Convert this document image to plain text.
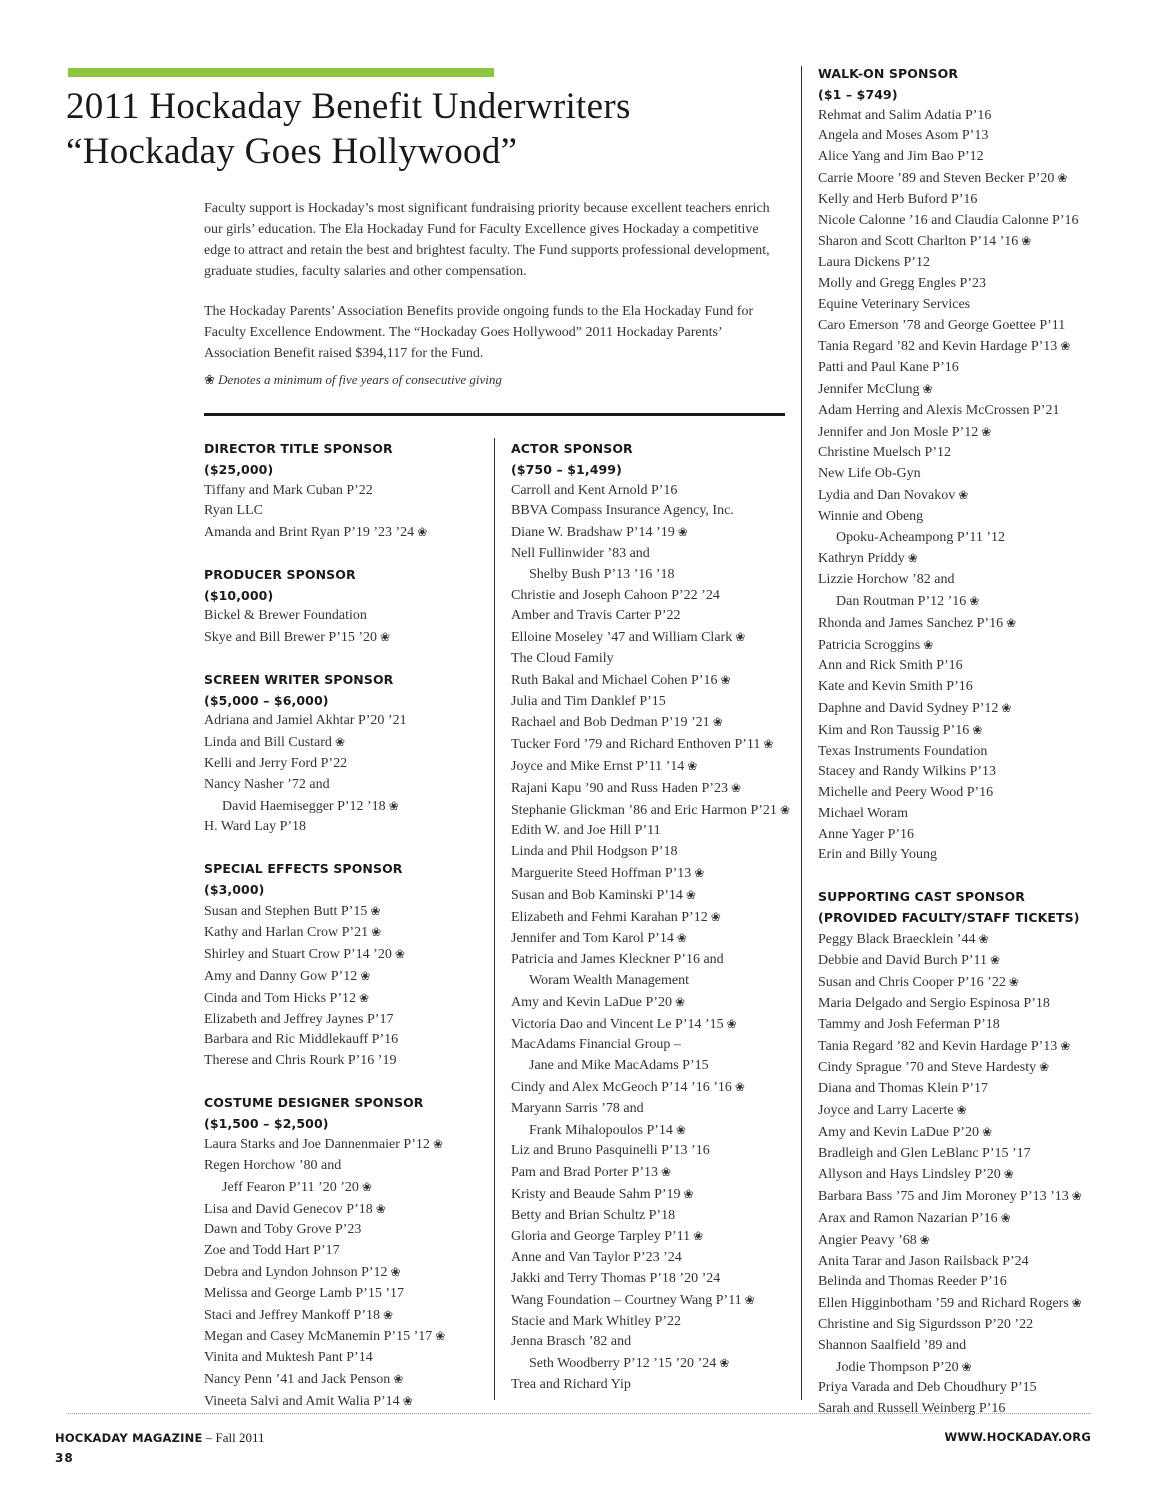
2011 Hockaday Benefit Underwriters
“Hockaday Goes Hollywood”

Faculty support is Hockaday’s most significant fundraising priority because excellent teachers enrich our girls’ education. The Ela Hockaday Fund for Faculty Excellence gives Hockaday a competitive edge to attract and retain the best and brightest faculty. The Fund supports professional development, graduate studies, faculty salaries and other compensation.

The Hockaday Parents’ Association Benefits provide ongoing funds to the Ela Hockaday Fund for Faculty Excellence Endowment. The “Hockaday Goes Hollywood” 2011 Hockaday Parents’ Association Benefit raised $394,117 for the Fund.

❀ Denotes a minimum of five years of consecutive giving
DIRECTOR TITLE SPONSOR
($25,000)
Tiffany and Mark Cuban P’22
Ryan LLC
Amanda and Brint Ryan P’19 ’23 ’24 ❀
PRODUCER SPONSOR
($10,000)
Bickel & Brewer Foundation
Skye and Bill Brewer P’15 ’20 ❀
SCREEN WRITER SPONSOR
($5,000 – $6,000)
Adriana and Jamiel Akhtar P’20 ’21
Linda and Bill Custard ❀
Kelli and Jerry Ford P’22
Nancy Nasher ’72 and
David Haemisegger P’12 ’18 ❀
H. Ward Lay P’18
SPECIAL EFFECTS SPONSOR
($3,000)
Susan and Stephen Butt P’15 ❀
Kathy and Harlan Crow P’21 ❀
Shirley and Stuart Crow P’14 ’20 ❀
Amy and Danny Gow P’12 ❀
Cinda and Tom Hicks P’12 ❀
Elizabeth and Jeffrey Jaynes P’17
Barbara and Ric Middlekauff P’16
Therese and Chris Rourk P’16 ’19
COSTUME DESIGNER SPONSOR
($1,500 – $2,500)
Laura Starks and Joe Dannenmaier P’12 ❀
Regen Horchow ’80 and
Jeff Fearon P’11 ’20 ’20 ❀
Lisa and David Genecov P’18 ❀
Dawn and Toby Grove P’23
Zoe and Todd Hart P’17
Debra and Lyndon Johnson P’12 ❀
Melissa and George Lamb P’15 ’17
Staci and Jeffrey Mankoff P’18 ❀
Megan and Casey McManemin P’15 ’17 ❀
Vinita and Muktesh Pant P’14
Nancy Penn ’41 and Jack Penson ❀
Vineeta Salvi and Amit Walia P’14 ❀
ACTOR SPONSOR
($750 – $1,499)
Carroll and Kent Arnold P’16
BBVA Compass Insurance Agency, Inc.
Diane W. Bradshaw P’14 ’19 ❀
Nell Fullinwider ’83 and
Shelby Bush P’13 ’16 ’18
Christie and Joseph Cahoon P’22 ’24
Amber and Travis Carter P’22
Elloine Moseley ’47 and William Clark ❀
The Cloud Family
Ruth Bakal and Michael Cohen P’16 ❀
Julia and Tim Danklef P’15
Rachael and Bob Dedman P’19 ’21 ❀
Tucker Ford ’79 and Richard Enthoven P’11 ❀
Joyce and Mike Ernst P’11 ’14 ❀
Rajani Kapu ’90 and Russ Haden P’23 ❀
Stephanie Glickman ’86 and Eric Harmon P’21 ❀
Edith W. and Joe Hill P’11
Linda and Phil Hodgson P’18
Marguerite Steed Hoffman P’13 ❀
Susan and Bob Kaminski P’14 ❀
Elizabeth and Fehmi Karahan P’12 ❀
Jennifer and Tom Karol P’14 ❀
Patricia and James Kleckner P’16 and
Woram Wealth Management
Amy and Kevin LaDue P’20 ❀
Victoria Dao and Vincent Le P’14 ’15 ❀
MacAdams Financial Group –
Jane and Mike MacAdams P’15
Cindy and Alex McGeoch P’14 ’16 ’16 ❀
Maryann Sarris ’78 and
Frank Mihalopoulos P’14 ❀
Liz and Bruno Pasquinelli P’13 ’16
Pam and Brad Porter P’13 ❀
Kristy and Beaude Sahm P’19 ❀
Betty and Brian Schultz P’18
Gloria and George Tarpley P’11 ❀
Anne and Van Taylor P’23 ’24
Jakki and Terry Thomas P’18 ’20 ’24
Wang Foundation – Courtney Wang P’11 ❀
Stacie and Mark Whitley P’22
Jenna Brasch ’82 and
Seth Woodberry P’12 ’15 ’20 ’24 ❀
Trea and Richard Yip
WALK-ON SPONSOR
($1 – $749)
Rehmat and Salim Adatia P’16
Angela and Moses Asom P’13
Alice Yang and Jim Bao P’12
Carrie Moore ’89 and Steven Becker P’20 ❀
Kelly and Herb Buford P’16
Nicole Calonne ’16 and Claudia Calonne P’16
Sharon and Scott Charlton P’14 ’16 ❀
Laura Dickens P’12
Molly and Gregg Engles P’23
Equine Veterinary Services
Caro Emerson ’78 and George Goettee P’11
Tania Regard ’82 and Kevin Hardage P’13 ❀
Patti and Paul Kane P’16
Jennifer McClung ❀
Adam Herring and Alexis McCrossen P’21
Jennifer and Jon Mosle P’12 ❀
Christine Muelsch P’12
New Life Ob-Gyn
Lydia and Dan Novakov ❀
Winnie and Obeng
Opoku-Acheampong P’11 ’12
Kathryn Priddy ❀
Lizzie Horchow ’82 and
Dan Routman P’12 ’16 ❀
Rhonda and James Sanchez P’16 ❀
Patricia Scroggins ❀
Ann and Rick Smith P’16
Kate and Kevin Smith P’16
Daphne and David Sydney P’12 ❀
Kim and Ron Taussig P’16 ❀
Texas Instruments Foundation
Stacey and Randy Wilkins P’13
Michelle and Peery Wood P’16
Michael Woram
Anne Yager P’16
Erin and Billy Young
SUPPORTING CAST SPONSOR
(PROVIDED FACULTY/STAFF TICKETS)
Peggy Black Braecklein ’44 ❀
Debbie and David Burch P’11 ❀
Susan and Chris Cooper P’16 ’22 ❀
Maria Delgado and Sergio Espinosa P’18
Tammy and Josh Feferman P’18
Tania Regard ’82 and Kevin Hardage P’13 ❀
Cindy Sprague ’70 and Steve Hardesty ❀
Diana and Thomas Klein P’17
Joyce and Larry Lacerte ❀
Amy and Kevin LaDue P’20 ❀
Bradleigh and Glen LeBlanc P’15 ’17
Allyson and Hays Lindsley P’20 ❀
Barbara Bass ’75 and Jim Moroney P’13 ’13 ❀
Arax and Ramon Nazarian P’16 ❀
Angier Peavy ’68 ❀
Anita Tarar and Jason Railsback P’24
Belinda and Thomas Reeder P’16
Ellen Higginbotham ’59 and Richard Rogers ❀
Christine and Sig Sigurdsson P’20 ’22
Shannon Saalfield ’89 and
Jodie Thompson P’20 ❀
Priya Varada and Deb Choudhury P’15
Sarah and Russell Weinberg P’16
HOCKADAY MAGAZINE – Fall 2011
38
WWW.HOCKADAY.ORG
